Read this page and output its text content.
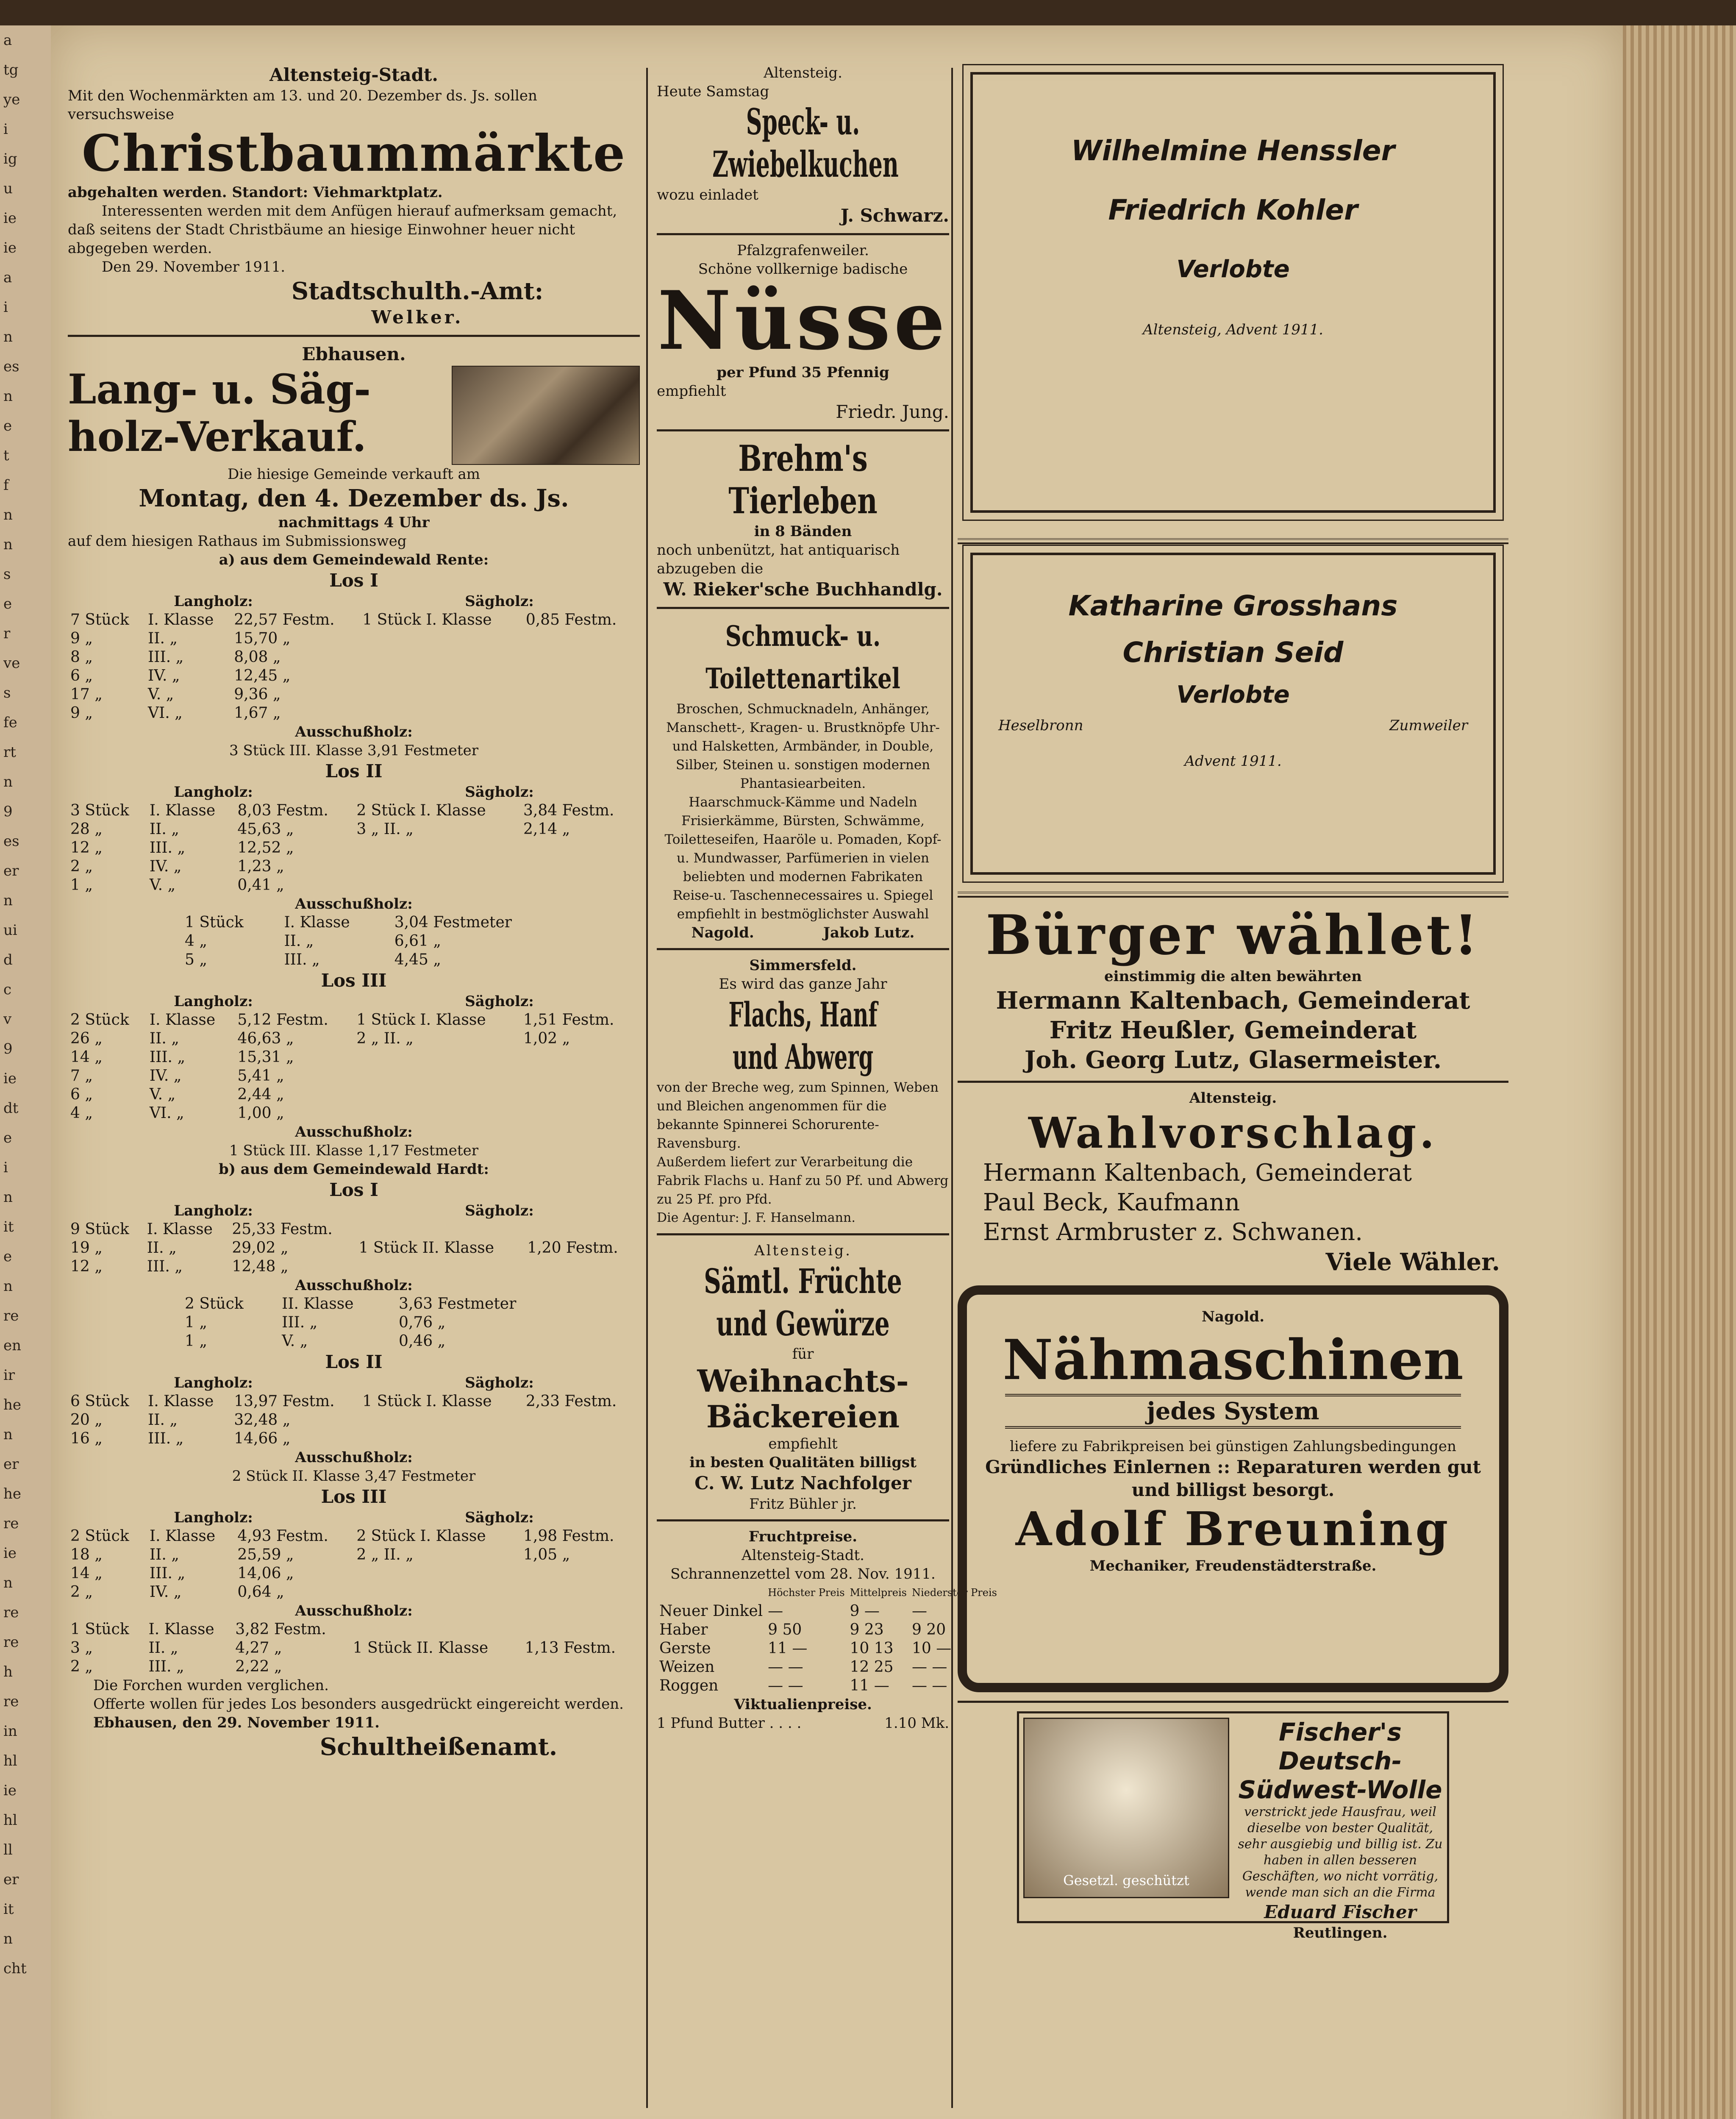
a
tg
ye
i
ig
u
ie
ie
a
i
n
es
n
e
t
f
n
n
s
e
r
ve
s
fe
rt
n
9
es
er
n
ui
d
c
v
9
ie
dt
e
i
n
it
e
n
re
en
ir
he
n
er
he
re
ie
n
re
re
h
re
in
hl
ie
hl
ll
er
it
n
cht
Altensteig-Stadt.
Mit den Wochenmärkten am 13. und 20. Dezember ds. Js. sollen versuchsweise
Christbaummärkte
abgehalten werden. Standort: Viehmarktplatz.
Interessenten werden mit dem Anfügen hierauf aufmerksam gemacht, daß seitens der Stadt Christbäume an hiesige Einwohner heuer nicht abgegeben werden.
Den 29. November 1911.
Stadtschulth.-Amt:
Welker.
Ebhausen.
Lang- u. Säg-
holz-Verkauf.
Die hiesige Gemeinde verkauft am
Montag, den 4. Dezember ds. Js.
nachmittags 4 Uhr
auf dem hiesigen Rathaus im Submissionsweg
a) aus dem Gemeindewald Rente:
Los I
Langholz:	Sägholz:
7 Stück	I. Klasse	22,57 Festm.	1 Stück I. Klasse	0,85 Festm.
9 „	II. „	15,70 „		
8 „	III. „	8,08 „		
6 „	IV. „	12,45 „		
17 „	V. „	9,36 „		
9 „	VI. „	1,67 „		
Ausschußholz:
3 Stück III. Klasse 3,91 Festmeter
Los II
Langholz:	Sägholz:
3 Stück	I. Klasse	8,03 Festm.	2 Stück I. Klasse	3,84 Festm.
28 „	II. „	45,63 „	3 „ II. „	2,14 „
12 „	III. „	12,52 „		
2 „	IV. „	1,23 „		
1 „	V. „	0,41 „		
Ausschußholz:
1 Stück	I. Klasse	3,04 Festmeter
4 „	II. „	6,61 „
5 „	III. „	4,45 „
Los III
Langholz:	Sägholz:
2 Stück	I. Klasse	5,12 Festm.	1 Stück I. Klasse	1,51 Festm.
26 „	II. „	46,63 „	2 „ II. „	1,02 „
14 „	III. „	15,31 „		
7 „	IV. „	5,41 „		
6 „	V. „	2,44 „		
4 „	VI. „	1,00 „		
Ausschußholz:
1 Stück III. Klasse 1,17 Festmeter
b) aus dem Gemeindewald Hardt:
Los I
Langholz:	Sägholz:
9 Stück	I. Klasse	25,33 Festm.		
19 „	II. „	29,02 „	1 Stück II. Klasse	1,20 Festm.
12 „	III. „	12,48 „		
Ausschußholz:
2 Stück	II. Klasse	3,63 Festmeter
1 „	III. „	0,76 „
1 „	V. „	0,46 „
Los II
Langholz:	Sägholz:
6 Stück	I. Klasse	13,97 Festm.	1 Stück I. Klasse	2,33 Festm.
20 „	II. „	32,48 „		
16 „	III. „	14,66 „		
Ausschußholz:
2 Stück II. Klasse 3,47 Festmeter
Los III
Langholz:	Sägholz:
2 Stück	I. Klasse	4,93 Festm.	2 Stück I. Klasse	1,98 Festm.
18 „	II. „	25,59 „	2 „ II. „	1,05 „
14 „	III. „	14,06 „		
2 „	IV. „	0,64 „		
Ausschußholz:
1 Stück	I. Klasse	3,82 Festm.		
3 „	II. „	4,27 „	1 Stück II. Klasse	1,13 Festm.
2 „	III. „	2,22 „		
Die Forchen wurden verglichen.
Offerte wollen für jedes Los besonders ausgedrückt eingereicht werden.
Ebhausen, den 29. November 1911.
Schultheißenamt.
Altensteig.
Heute Samstag
Speck- u. Zwiebelkuchen
wozu einladet
J. Schwarz.
Pfalzgrafenweiler.
Schöne vollkernige badische
Nüsse
per Pfund 35 Pfennig
empfiehlt
Friedr. Jung.
Brehm's Tierleben
in 8 Bänden
noch unbenützt, hat antiquarisch abzugeben die
W. Rieker'sche Buchhandlg.
Schmuck- u. Toilettenartikel
Broschen, Schmucknadeln, Anhänger, Manschett-, Kragen- u. Brustknöpfe Uhr- und Halsketten, Armbänder, in Double, Silber, Steinen u. sonstigen modernen Phantasiearbeiten.
Haarschmuck-Kämme und Nadeln Frisierkämme, Bürsten, Schwämme, Toiletteseifen, Haaröle u. Pomaden, Kopf- u. Mundwasser, Parfümerien in vielen beliebten und modernen Fabrikaten
Reise-u. Taschennecessaires u. Spiegel empfiehlt in bestmöglichster Auswahl
Nagold.	Jakob Lutz.
Simmersfeld.
Es wird das ganze Jahr
Flachs, Hanf und Abwerg
von der Breche weg, zum Spinnen, Weben und Bleichen angenommen für die bekannte Spinnerei Schorurente-Ravensburg.
Außerdem liefert zur Verarbeitung die Fabrik Flachs u. Hanf zu 50 Pf. und Abwerg zu 25 Pf. pro Pfd.
Die Agentur: J. F. Hanselmann.
Altensteig.
Sämtl. Früchte und Gewürze
für
Weihnachts-Bäckereien
empfiehlt
in besten Qualitäten billigst
C. W. Lutz Nachfolger
Fritz Bühler jr.
Fruchtpreise.
Altensteig-Stadt.
Schrannenzettel vom 28. Nov. 1911.
	Höchster Preis	Mittelpreis	Niederster Preis
Neuer Dinkel	—	9 —	—
Haber	9 50	9 23	9 20
Gerste	11 —	10 13	10 —
Weizen	— —	12 25	— —
Roggen	— —	11 —	— —
Viktualienpreise.
1 Pfund Butter . . . .	1.10 Mk.
Wilhelmine Henssler
Friedrich Kohler
Verlobte
Altensteig, Advent 1911.
Katharine Grosshans
Christian Seid
Verlobte
Heselbronn	Zumweiler
Advent 1911.
Bürger wählet!
einstimmig die alten bewährten
Hermann Kaltenbach, Gemeinderat
Fritz Heußler, Gemeinderat
Joh. Georg Lutz, Glasermeister.
Altensteig.
Wahlvorschlag.
Hermann Kaltenbach, Gemeinderat
Paul Beck, Kaufmann
Ernst Armbruster z. Schwanen.
Viele Wähler.
Nagold.
Nähmaschinen
jedes System
liefere zu Fabrikpreisen bei günstigen Zahlungsbedingungen
Gründliches Einlernen :: Reparaturen werden gut und billigst besorgt.
Adolf Breuning
Mechaniker, Freudenstädterstraße.
Gesetzl. geschützt
Fischer's Deutsch-Südwest-Wolle
verstrickt jede Hausfrau, weil dieselbe von bester Qualität, sehr ausgiebig und billig ist. Zu haben in allen besseren Geschäften, wo nicht vorrätig, wende man sich an die Firma
Eduard Fischer
Reutlingen.
